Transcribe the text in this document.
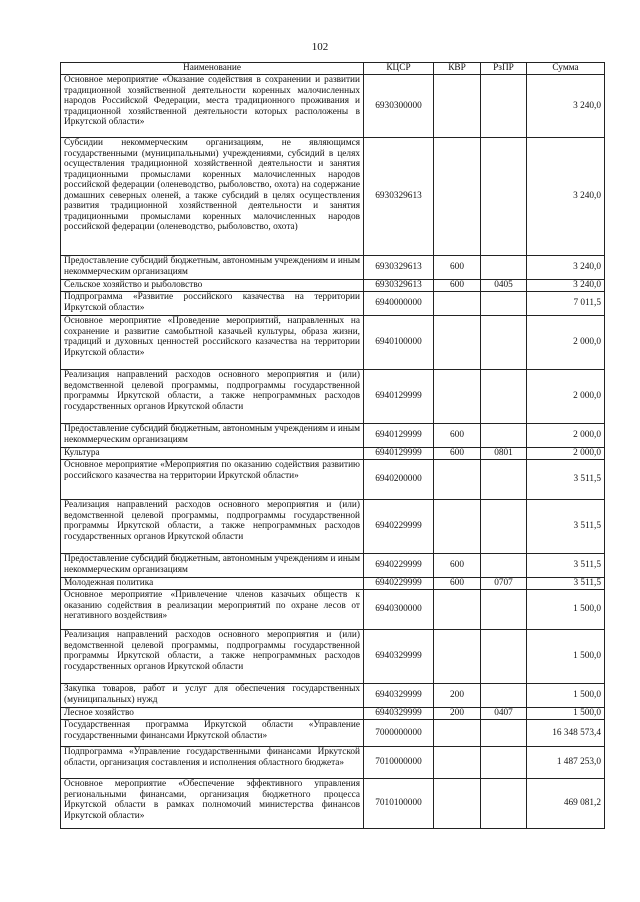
102
Наименование	КЦСР	КВР	РзПР	Сумма
Основное мероприятие «Оказание содействия в сохранении и развитии традиционной хозяйственной деятельности коренных малочисленных народов Российской Федерации, места традиционного проживания и традиционной хозяйственной деятельности которых расположены в Иркутской области»	6930300000			3 240,0
Субсидии некоммерческим организациям, не являющимся государственными (муниципальными) учреждениями, субсидий в целях осуществления традиционной хозяйственной деятельности и занятия традиционными промыслами коренных малочисленных народов российской федерации (оленеводство, рыболовство, охота) на содержание домашних северных оленей, а также субсидий в целях осуществления развития традиционной хозяйственной деятельности и занятия традиционными промыслами коренных малочисленных народов российской федерации (оленеводство, рыболовство, охота)	6930329613			3 240,0
Предоставление субсидий бюджетным, автономным учреждениям и иным некоммерческим организациям	6930329613	600		3 240,0
Сельское хозяйство и рыболовство	6930329613	600	0405	3 240,0
Подпрограмма «Развитие российского казачества на территории Иркутской области»	6940000000			7 011,5
Основное мероприятие «Проведение мероприятий, направленных на сохранение и развитие самобытной казачьей культуры, образа жизни, традиций и духовных ценностей российского казачества на территории Иркутской области»	6940100000			2 000,0
Реализация направлений расходов основного мероприятия и (или) ведомственной целевой программы, подпрограммы государственной программы Иркутской области, а также непрограммных расходов государственных органов Иркутской области	6940129999			2 000,0
Предоставление субсидий бюджетным, автономным учреждениям и иным некоммерческим организациям	6940129999	600		2 000,0
Культура	6940129999	600	0801	2 000,0
Основное мероприятие «Мероприятия по оказанию содействия развитию российского казачества на территории Иркутской области»	6940200000			3 511,5
Реализация направлений расходов основного мероприятия и (или) ведомственной целевой программы, подпрограммы государственной программы Иркутской области, а также непрограммных расходов государственных органов Иркутской области	6940229999			3 511,5
Предоставление субсидий бюджетным, автономным учреждениям и иным некоммерческим организациям	6940229999	600		3 511,5
Молодежная политика	6940229999	600	0707	3 511,5
Основное мероприятие «Привлечение членов казачьих обществ к оказанию содействия в реализации мероприятий по охране лесов от негативного воздействия»	6940300000			1 500,0
Реализация направлений расходов основного мероприятия и (или) ведомственной целевой программы, подпрограммы государственной программы Иркутской области, а также непрограммных расходов государственных органов Иркутской области	6940329999			1 500,0
Закупка товаров, работ и услуг для обеспечения государственных (муниципальных) нужд	6940329999	200		1 500,0
Лесное хозяйство	6940329999	200	0407	1 500,0
Государственная программа Иркутской области «Управление государственными финансами Иркутской области»	7000000000			16 348 573,4
Подпрограмма «Управление государственными финансами Иркутской области, организация составления и исполнения областного бюджета»	7010000000			1 487 253,0
Основное мероприятие «Обеспечение эффективного управления региональными финансами, организация бюджетного процесса Иркутской области в рамках полномочий министерства финансов Иркутской области»	7010100000			469 081,2
